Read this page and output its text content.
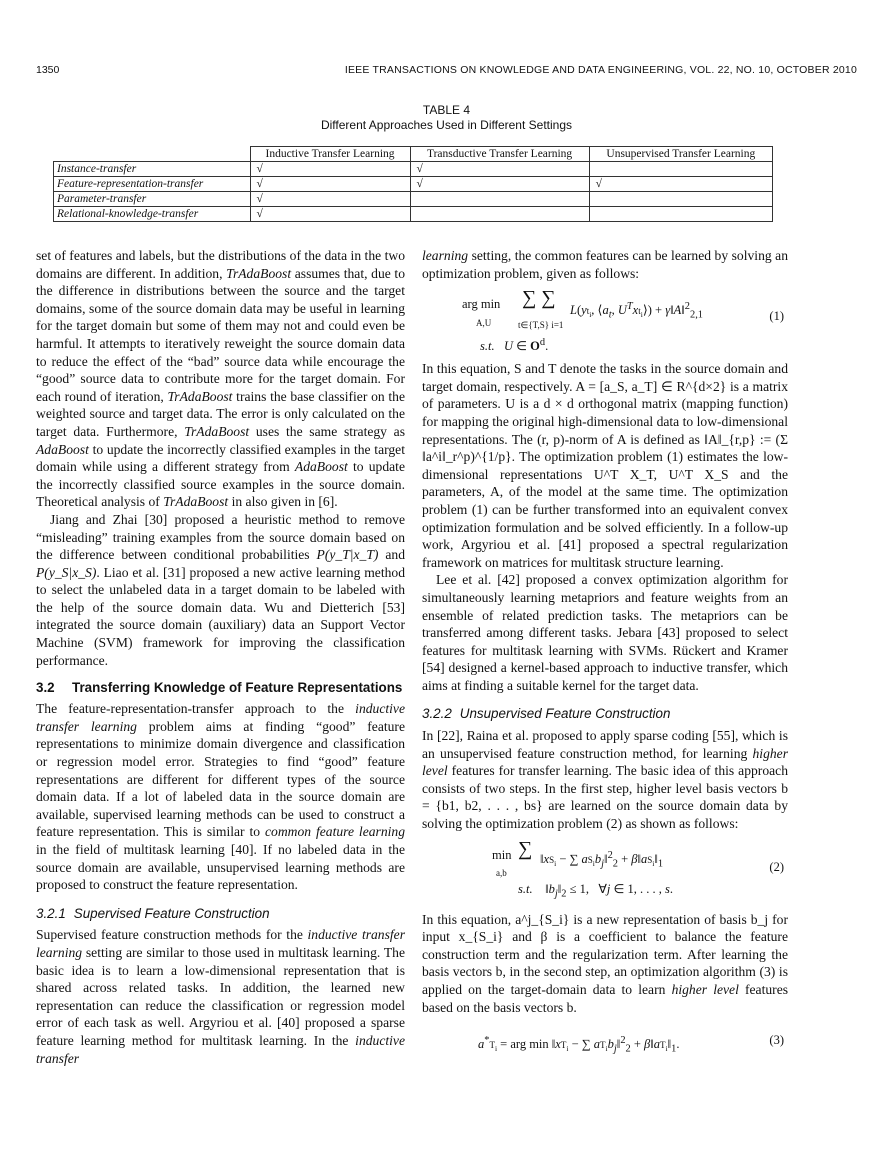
1350	IEEE TRANSACTIONS ON KNOWLEDGE AND DATA ENGINEERING, VOL. 22, NO. 10, OCTOBER 2010
TABLE 4
Different Approaches Used in Different Settings
	Inductive Transfer Learning	Transductive Transfer Learning	Unsupervised Transfer Learning
Instance-transfer	√	√	
Feature-representation-transfer	√	√	√
Parameter-transfer	√		
Relational-knowledge-transfer	√		

set of features and labels, but the distributions of the data in the two domains are different. In addition, TrAdaBoost assumes that, due to the difference in distributions between the source and the target domains, some of the source domain data may be useful in learning for the target domain but some of them may not and could even be harmful. It attempts to iteratively reweight the source domain data to reduce the effect of the “bad” source data while encourage the “good” source data to contribute more for the target domain. For each round of iteration, TrAdaBoost trains the base classifier on the weighted source and target data. The error is only calculated on the target data. Furthermore, TrAdaBoost uses the same strategy as AdaBoost to update the incorrectly classified examples in the target domain while using a different strategy from AdaBoost to update the incorrectly classified source examples in the source domain. Theoretical analysis of TrAdaBoost in also given in [6].

Jiang and Zhai [30] proposed a heuristic method to remove “misleading” training examples from the source domain based on the difference between conditional probabilities P(y_T|x_T) and P(y_S|x_S). Liao et al. [31] proposed a new active learning method to select the unlabeled data in a target domain to be labeled with the help of the source domain data. Wu and Dietterich [53] integrated the source domain (auxiliary) data an Support Vector Machine (SVM) framework for improving the classification performance.

3.2	Transferring Knowledge of Feature Representations

The feature-representation-transfer approach to the inductive transfer learning problem aims at finding “good” feature representations to minimize domain divergence and classification or regression model error. Strategies to find “good” feature representations are different for different types of the source domain data. If a lot of labeled data in the source domain are available, supervised learning methods can be used to construct a feature representation. This is similar to common feature learning in the field of multitask learning [40]. If no labeled data in the source domain are available, unsupervised learning methods are proposed to construct the feature representation.

3.2.1 Supervised Feature Construction

Supervised feature construction methods for the inductive transfer learning setting are similar to those used in multitask learning. The basic idea is to learn a low-dimensional representation that is shared across related tasks. In addition, the learned new representation can reduce the classification or regression model error of each task as well. Argyriou et al. [40] proposed a sparse feature learning method for multitask learning. In the inductive transfer

learning setting, the common features can be learned by solving an optimization problem, given as follows:

arg min
A,U
∑ ∑
$L(yt_i$, $⟨a_t$, $U^Txt_i⟩$) + γ‖A‖$^2_{2,1}$
t∈{T,S} i=1
s.t. U ∈ $O^d$.
(1)

In this equation, S and T denote the tasks in the source domain and target domain, respectively. A = [a_S, a_T] ∈ R^{d×2} is a matrix of parameters. U is a d × d orthogonal matrix (mapping function) for mapping the original high-dimensional data to low-dimensional representations. The (r, p)-norm of A is defined as ‖A‖_{r,p} := (Σ ‖a^i‖_r^p)^{1/p}. The optimization problem (1) estimates the low-dimensional representations U^T X_T, U^T X_S and the parameters, A, of the model at the same time. The optimization problem (1) can be further transformed into an equivalent convex optimization formulation and be solved efficiently. In a follow-up work, Argyriou et al. [41] proposed a spectral regularization framework on matrices for multitask structure learning.

Lee et al. [42] proposed a convex optimization algorithm for simultaneously learning metapriors and feature weights from an ensemble of related prediction tasks. The metapriors can be transferred among different tasks. Jebara [43] proposed to select features for multitask learning with SVMs. Rückert and Kramer [54] designed a kernel-based approach to inductive transfer, which aims at finding a suitable kernel for the target data.

3.2.2 Unsupervised Feature Construction

In [22], Raina et al. proposed to apply sparse coding [55], which is an unsupervised feature construction method, for learning higher level features for transfer learning. The basic idea of this approach consists of two steps. In the first step, higher level basis vectors b = {b1, b2, . . . , bs} are learned on the source domain data by solving the optimization problem (2) as shown as follows:

min
a,b
∑ $‖xS_i$ − ∑ $aS_ib_j‖^2_2$ + $\beta‖aS_i‖_1$
s.t.    $‖b_j‖_2 \le 1$,   ∀j ∈ 1, . . . , s.
(2)

In this equation, a^j_{S_i} is a new representation of basis b_j for input x_{S_i} and β is a coefficient to balance the feature construction term and the regularization term. After learning the basis vectors b, in the second step, an optimization algorithm (3) is applied on the target-domain data to learn higher level features based on the basis vectors b.

$a^*T_i$ = arg $\min ‖xT_i$ − ∑ $aT_ib_j‖^2_2$ + $\beta‖aT_i‖_1$.	(3)
